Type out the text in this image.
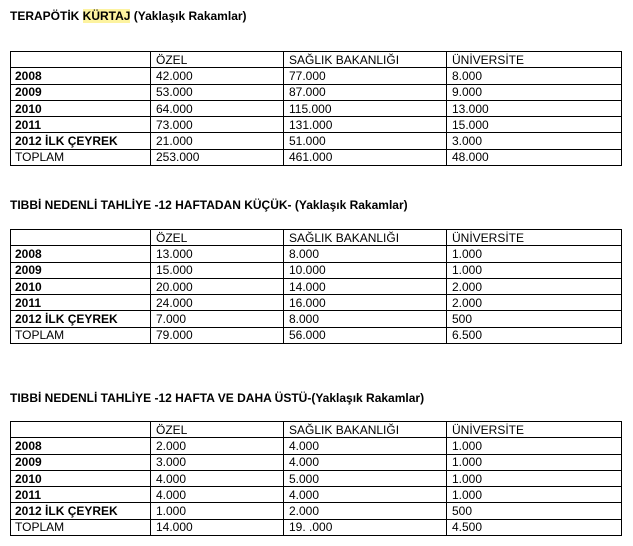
TERAPÖTİK KÜRTAJ (Yaklaşık Rakamlar)
	ÖZEL	SAĞLIK BAKANLIĞI	ÜNİVERSİTE
2008	42.000	77.000	8.000
2009	53.000	87.000	9.000
2010	64.000	115.000	13.000
2011	73.000	131.000	15.000
2012 İLK ÇEYREK	21.000	51.000	3.000
TOPLAM	253.000	461.000	48.000
TIBBİ NEDENLİ TAHLİYE -12 HAFTADAN KÜÇÜK- (Yaklaşık Rakamlar)
	ÖZEL	SAĞLIK BAKANLIĞI	ÜNİVERSİTE
2008	13.000	8.000	1.000
2009	15.000	10.000	1.000
2010	20.000	14.000	2.000
2011	24.000	16.000	2.000
2012 İLK ÇEYREK	7.000	8.000	500
TOPLAM	79.000	56.000	6.500
TIBBİ NEDENLİ TAHLİYE -12 HAFTA VE DAHA ÜSTÜ-(Yaklaşık Rakamlar)
	ÖZEL	SAĞLIK BAKANLIĞI	ÜNİVERSİTE
2008	2.000	4.000	1.000
2009	3.000	4.000	1.000
2010	4.000	5.000	1.000
2011	4.000	4.000	1.000
2012 İLK ÇEYREK	1.000	2.000	500
TOPLAM	14.000	19. .000	4.500
